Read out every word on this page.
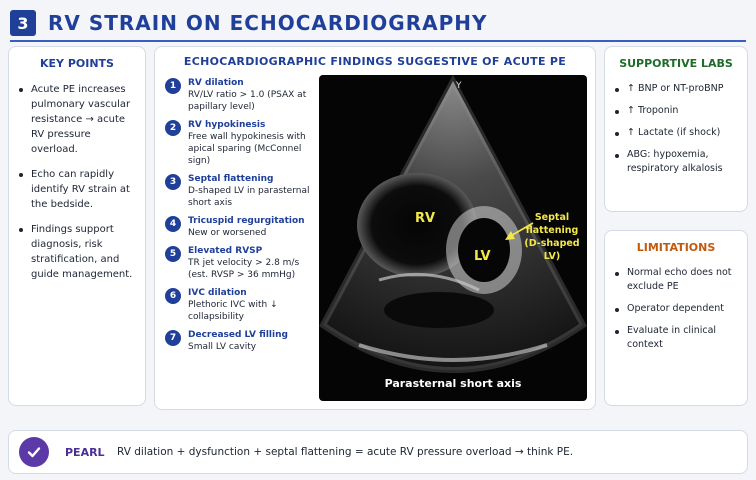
3 RV STRAIN ON ECHOCARDIOGRAPHY
KEY POINTS
Acute PE increases pulmonary vascular resistance → acute RV pressure overload.
Echo can rapidly identify RV strain at the bedside.
Findings support diagnosis, risk stratification, and guide management.
ECHOCARDIOGRAPHIC FINDINGS SUGGESTIVE OF ACUTE PE
1	RV dilation
RV/LV ratio > 1.0 (PSAX at papillary level)
2	RV hypokinesis
Free wall hypokinesis with apical sparing (McConnel sign)
3	Septal flattening
D-shaped LV in parasternal short axis
4	Tricuspid regurgitation
New or worsened
5	Elevated RVSP
TR jet velocity > 2.8 m/s (est. RVSP > 36 mmHg)
6	IVC dilation
Plethoric IVC with ↓ collapsibility
7	Decreased LV filling
Small LV cavity
Y
RV
LV
Septal
flattening
(D-shaped LV)
Parasternal short axis
SUPPORTIVE LABS
↑ BNP or NT-proBNP
↑ Troponin
↑ Lactate (if shock)
ABG: hypoxemia, respiratory alkalosis
LIMITATIONS
Normal echo does not exclude PE
Operator dependent
Evaluate in clinical context
PEARL RV dilation + dysfunction + septal flattening = acute RV pressure overload → think PE.
